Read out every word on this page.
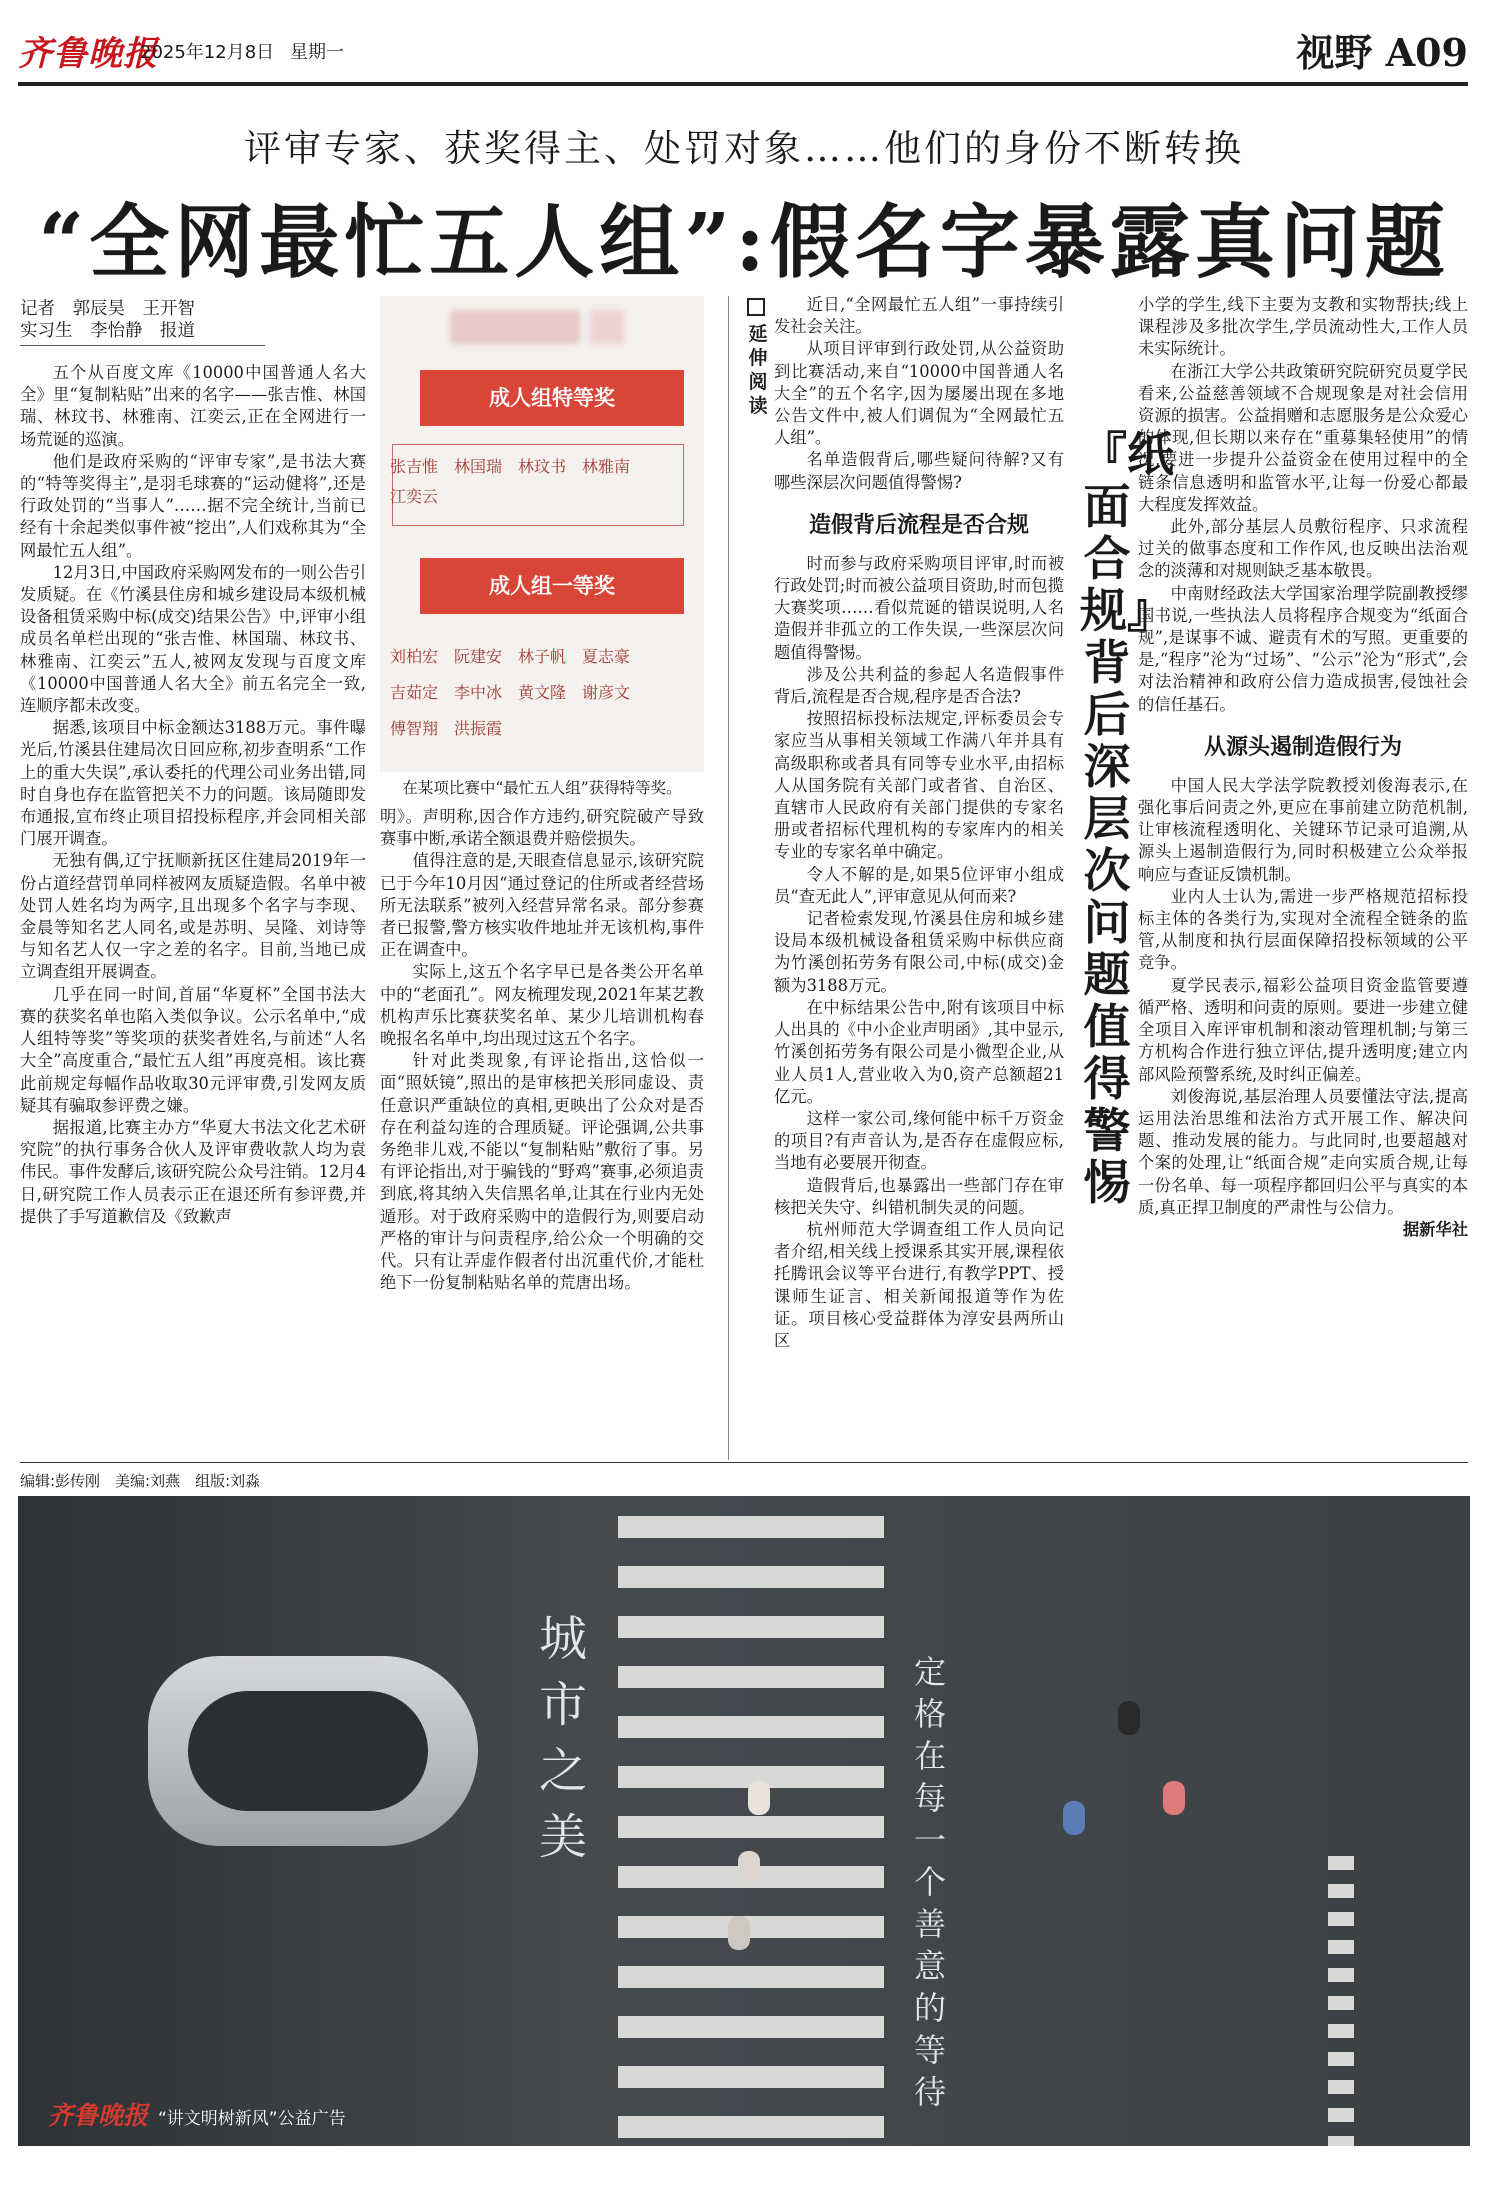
齐鲁晚报
2025年12月8日 星期一	视野 A09
评审专家、获奖得主、处罚对象……他们的身份不断转换
“全网最忙五人组”:假名字暴露真问题
记者　郭辰昊　王开智
实习生　李怡静　报道

五个从百度文库《10000中国普通人名大全》里“复制粘贴”出来的名字——张吉惟、林国瑞、林玟书、林雅南、江奕云,正在全网进行一场荒诞的巡演。

他们是政府采购的“评审专家”,是书法大赛的“特等奖得主”,是羽毛球赛的“运动健将”,还是行政处罚的“当事人”……据不完全统计,当前已经有十余起类似事件被“挖出”,人们戏称其为“全网最忙五人组”。

12月3日,中国政府采购网发布的一则公告引发质疑。在《竹溪县住房和城乡建设局本级机械设备租赁采购中标(成交)结果公告》中,评审小组成员名单栏出现的“张吉惟、林国瑞、林玟书、林雅南、江奕云”五人,被网友发现与百度文库《10000中国普通人名大全》前五名完全一致,连顺序都未改变。

据悉,该项目中标金额达3188万元。事件曝光后,竹溪县住建局次日回应称,初步查明系“工作上的重大失误”,承认委托的代理公司业务出错,同时自身也存在监管把关不力的问题。该局随即发布通报,宣布终止项目招投标程序,并会同相关部门展开调查。

无独有偶,辽宁抚顺新抚区住建局2019年一份占道经营罚单同样被网友质疑造假。名单中被处罚人姓名均为两字,且出现多个名字与李现、金晨等知名艺人同名,或是苏明、吴隆、刘诗等与知名艺人仅一字之差的名字。目前,当地已成立调查组开展调查。

几乎在同一时间,首届“华夏杯”全国书法大赛的获奖名单也陷入类似争议。公示名单中,“成人组特等奖”等奖项的获奖者姓名,与前述“人名大全”高度重合,“最忙五人组”再度亮相。该比赛此前规定每幅作品收取30元评审费,引发网友质疑其有骗取参评费之嫌。

据报道,比赛主办方“华夏大书法文化艺术研究院”的执行事务合伙人及评审费收款人均为袁伟民。事件发酵后,该研究院公众号注销。12月4日,研究院工作人员表示正在退还所有参评费,并提供了手写道歉信及《致歉声

成人组特等奖
张吉惟　林国瑞　林玟书　林雅南
江奕云
成人组一等奖
刘柏宏　阮建安　林子帆　夏志豪
吉茹定　李中冰　黄文隆　谢彦文
傅智翔　洪振霞
在某项比赛中“最忙五人组”获得特等奖。

明》。声明称,因合作方违约,研究院破产导致赛事中断,承诺全额退费并赔偿损失。

值得注意的是,天眼查信息显示,该研究院已于今年10月因“通过登记的住所或者经营场所无法联系”被列入经营异常名录。部分参赛者已报警,警方核实收件地址并无该机构,事件正在调查中。

实际上,这五个名字早已是各类公开名单中的“老面孔”。网友梳理发现,2021年某艺教机构声乐比赛获奖名单、某少儿培训机构春晚报名名单中,均出现过这五个名字。

针对此类现象,有评论指出,这恰似一面“照妖镜”,照出的是审核把关形同虚设、责任意识严重缺位的真相,更映出了公众对是否存在利益勾连的合理质疑。评论强调,公共事务绝非儿戏,不能以“复制粘贴”敷衍了事。另有评论指出,对于骗钱的“野鸡”赛事,必须追责到底,将其纳入失信黑名单,让其在行业内无处遁形。对于政府采购中的造假行为,则要启动严格的审计与问责程序,给公众一个明确的交代。只有让弄虚作假者付出沉重代价,才能杜绝下一份复制粘贴名单的荒唐出场。

延伸阅读

近日,“全网最忙五人组”一事持续引发社会关注。

从项目评审到行政处罚,从公益资助到比赛活动,来自“10000中国普通人名大全”的五个名字,因为屡屡出现在多地公告文件中,被人们调侃为“全网最忙五人组”。

名单造假背后,哪些疑问待解?又有哪些深层次问题值得警惕?

造假背后流程是否合规

时而参与政府采购项目评审,时而被行政处罚;时而被公益项目资助,时而包揽大赛奖项……看似荒诞的错误说明,人名造假并非孤立的工作失误,一些深层次问题值得警惕。

涉及公共利益的参起人名造假事件背后,流程是否合规,程序是否合法?

按照招标投标法规定,评标委员会专家应当从事相关领域工作满八年并具有高级职称或者具有同等专业水平,由招标人从国务院有关部门或者省、自治区、直辖市人民政府有关部门提供的专家名册或者招标代理机构的专家库内的相关专业的专家名单中确定。

令人不解的是,如果5位评审小组成员“查无此人”,评审意见从何而来?

记者检索发现,竹溪县住房和城乡建设局本级机械设备租赁采购中标供应商为竹溪创拓劳务有限公司,中标(成交)金额为3188万元。

在中标结果公告中,附有该项目中标人出具的《中小企业声明函》,其中显示,竹溪创拓劳务有限公司是小微型企业,从业人员1人,营业收入为0,资产总额超21亿元。

这样一家公司,缘何能中标千万资金的项目?有声音认为,是否存在虚假应标,当地有必要展开彻查。

造假背后,也暴露出一些部门存在审核把关失守、纠错机制失灵的问题。

杭州师范大学调查组工作人员向记者介绍,相关线上授课系其实开展,课程依托腾讯会议等平台进行,有教学PPT、授课师生证言、相关新闻报道等作为佐证。项目核心受益群体为淳安县两所山区

『纸面合规』背后深层次问题值得警惕

小学的学生,线下主要为支教和实物帮扶;线上课程涉及多批次学生,学员流动性大,工作人员未实际统计。

在浙江大学公共政策研究院研究员夏学民看来,公益慈善领域不合规现象是对社会信用资源的损害。公益捐赠和志愿服务是公众爱心的体现,但长期以来存在“重募集轻使用”的情况,要进一步提升公益资金在使用过程中的全链条信息透明和监管水平,让每一份爱心都最大程度发挥效益。

此外,部分基层人员敷衍程序、只求流程过关的做事态度和工作作风,也反映出法治观念的淡薄和对规则缺乏基本敬畏。

中南财经政法大学国家治理学院副教授缪国书说,一些执法人员将程序合规变为“纸面合规”,是谋事不诚、避责有术的写照。更重要的是,“程序”沦为“过场”、“公示”沦为“形式”,会对法治精神和政府公信力造成损害,侵蚀社会的信任基石。

从源头遏制造假行为

中国人民大学法学院教授刘俊海表示,在强化事后问责之外,更应在事前建立防范机制,让审核流程透明化、关键环节记录可追溯,从源头上遏制造假行为,同时积极建立公众举报响应与查证反馈机制。

业内人士认为,需进一步严格规范招标投标主体的各类行为,实现对全流程全链条的监管,从制度和执行层面保障招投标领域的公平竞争。

夏学民表示,福彩公益项目资金监管要遵循严格、透明和问责的原则。要进一步建立健全项目入库评审机制和滚动管理机制;与第三方机构合作进行独立评估,提升透明度;建立内部风险预警系统,及时纠正偏差。

刘俊海说,基层治理人员要懂法守法,提高运用法治思维和法治方式开展工作、解决问题、推动发展的能力。与此同时,也要超越对个案的处理,让“纸面合规”走向实质合规,让每一份名单、每一项程序都回归公平与真实的本质,真正捍卫制度的严肃性与公信力。

据新华社

编辑:彭传刚　美编:刘燕　组版:刘淼
城
市
之
美
定
格
在
每
一
个
善
意
的
等
待
齐鲁晚报 “讲文明树新风”公益广告
